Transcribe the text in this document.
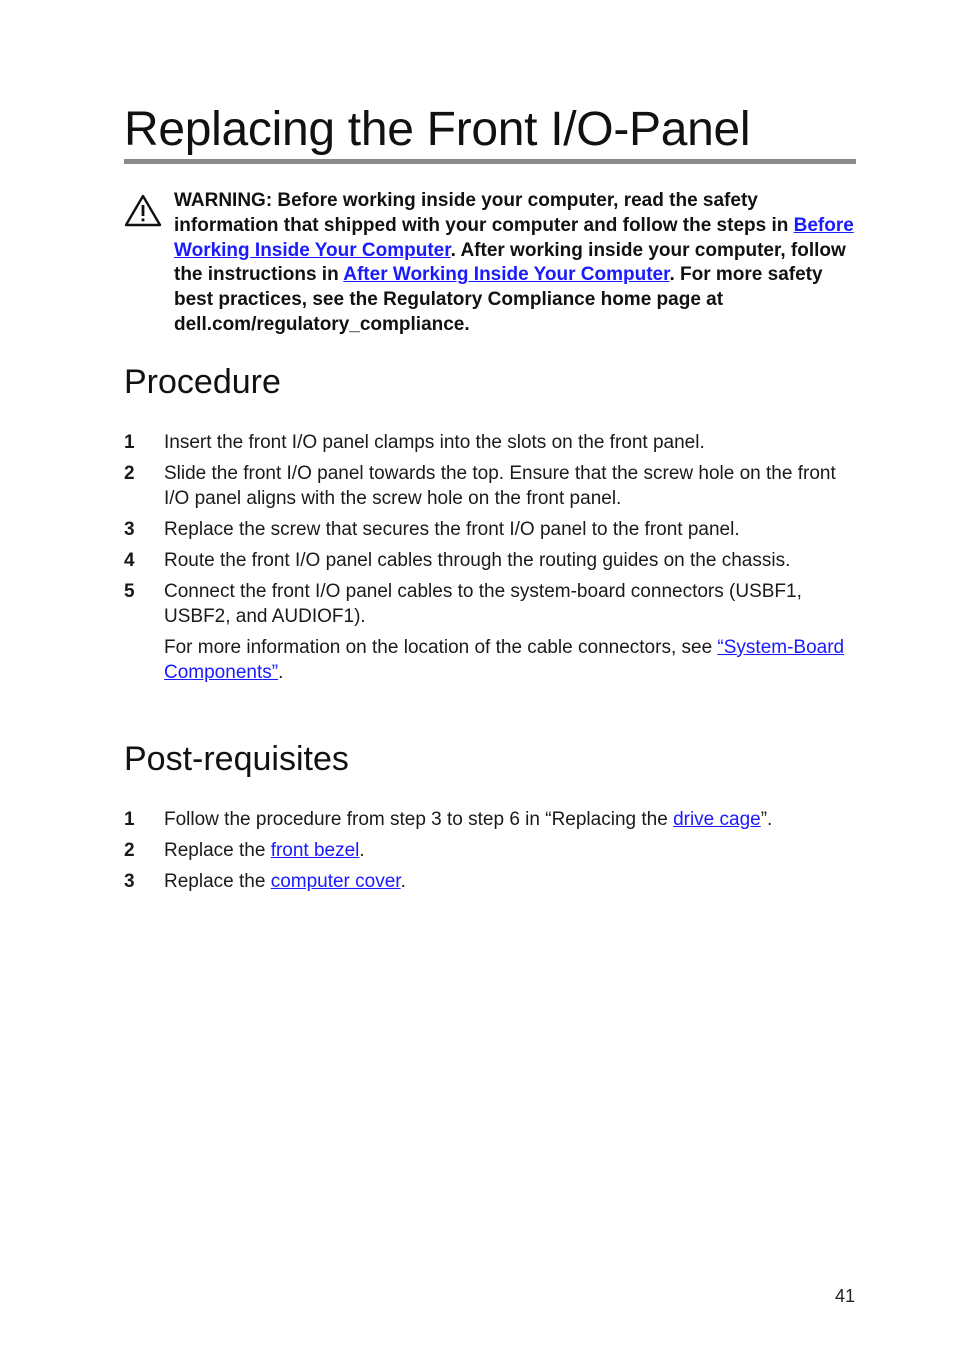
Replacing the Front I/O-Panel
WARNING: Before working inside your computer, read the safety information that shipped with your computer and follow the steps in Before Working Inside Your Computer. After working inside your computer, follow the instructions in After Working Inside Your Computer. For more safety best practices, see the Regulatory Compliance home page at dell.com/regulatory_compliance.
Procedure
1 Insert the front I/O panel clamps into the slots on the front panel.
2 Slide the front I/O panel towards the top. Ensure that the screw hole on the front I/O panel aligns with the screw hole on the front panel.
3 Replace the screw that secures the front I/O panel to the front panel.
4 Route the front I/O panel cables through the routing guides on the chassis.
5 Connect the front I/O panel cables to the system-board connectors (USBF1, USBF2, and AUDIOF1).
For more information on the location of the cable connectors, see “System-Board Components”.
Post-requisites
1 Follow the procedure from step 3 to step 6 in “Replacing the drive cage”.
2 Replace the front bezel.
3 Replace the computer cover.
41
